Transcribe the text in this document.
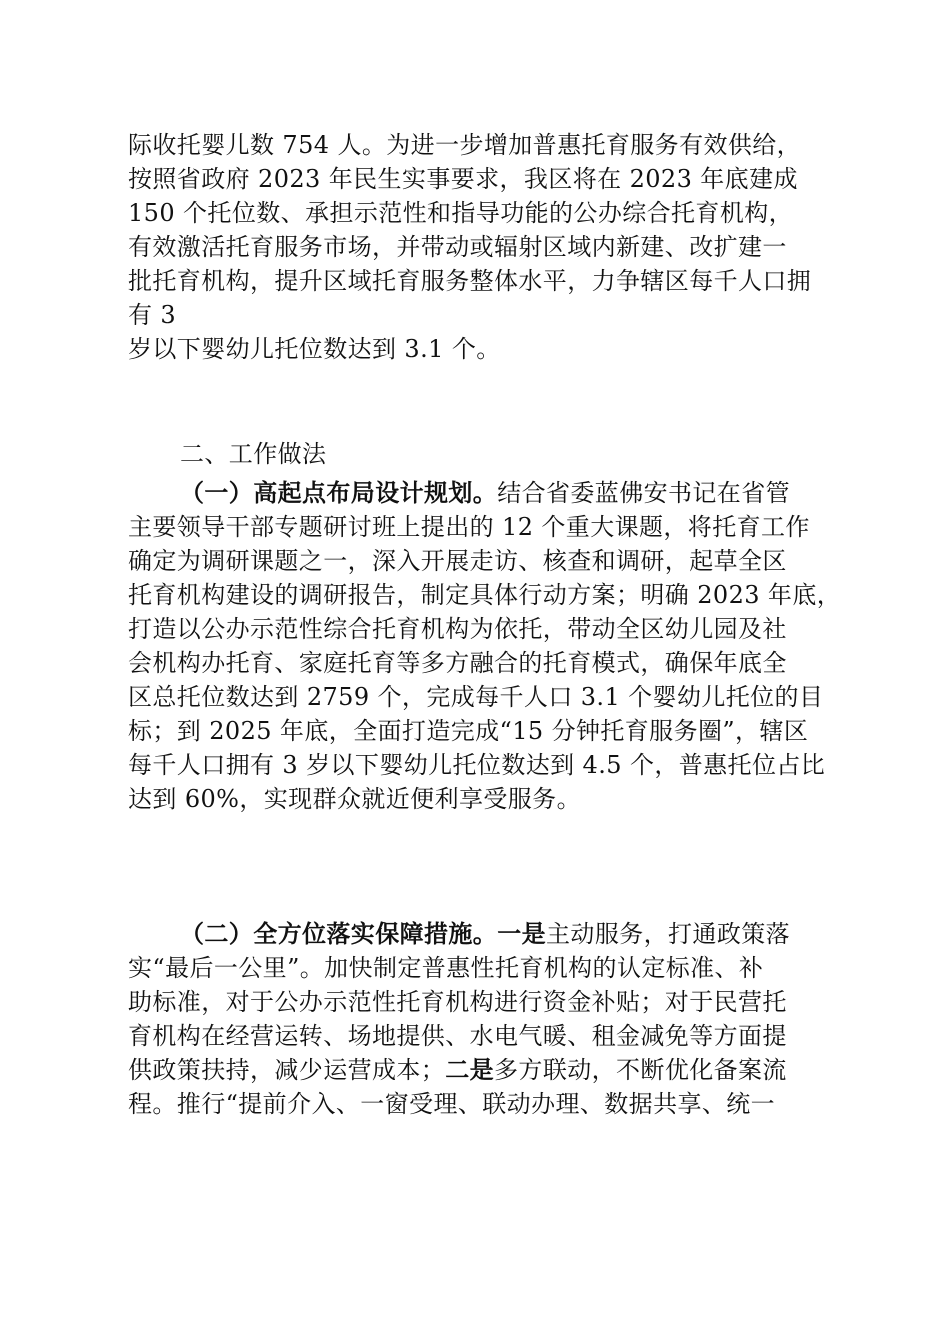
际收托婴儿数 754 人。为进一步增加普惠托育服务有效供给，
按照省政府 2023 年民生实事要求，我区将在 2023 年底建成
150 个托位数、承担示范性和指导功能的公办综合托育机构，
有效激活托育服务市场，并带动或辐射区域内新建、改扩建一
批托育机构，提升区域托育服务整体水平，力争辖区每千人口拥
有 3
岁以下婴幼儿托位数达到 3.1 个。
二、工作做法
（一）高起点布局设计规划。结合省委蓝佛安书记在省管
主要领导干部专题研讨班上提出的 12 个重大课题，将托育工作
确定为调研课题之一，深入开展走访、核查和调研，起草全区
托育机构建设的调研报告，制定具体行动方案；明确 2023 年底，
打造以公办示范性综合托育机构为依托，带动全区幼儿园及社
会机构办托育、家庭托育等多方融合的托育模式，确保年底全
区总托位数达到 2759 个，完成每千人口 3.1 个婴幼儿托位的目
标；到 2025 年底，全面打造完成“15 分钟托育服务圈”，辖区
每千人口拥有 3 岁以下婴幼儿托位数达到 4.5 个，普惠托位占比
达到 60%，实现群众就近便利享受服务。
（二）全方位落实保障措施。一是主动服务，打通政策落
实“最后一公里”。加快制定普惠性托育机构的认定标准、补
助标准，对于公办示范性托育机构进行资金补贴；对于民营托
育机构在经营运转、场地提供、水电气暖、租金减免等方面提
供政策扶持，减少运营成本；二是多方联动，不断优化备案流
程。推行“提前介入、一窗受理、联动办理、数据共享、统一
